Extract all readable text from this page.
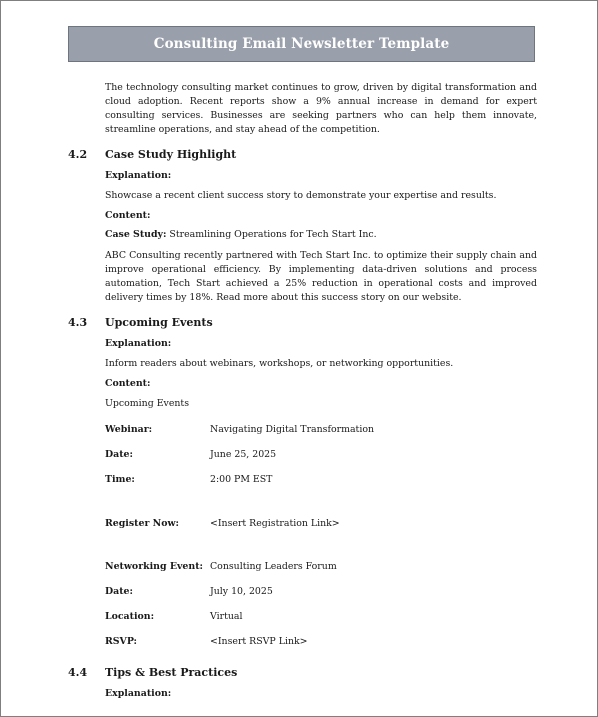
Consulting Email Newsletter Template

The technology consulting market continues to grow, driven by digital transformation and cloud adoption. Recent reports show a 9% annual increase in demand for expert consulting services. Businesses are seeking partners who can help them innovate, streamline operations, and stay ahead of the competition.

4.2 Case Study Highlight
Explanation:
Showcase a recent client success story to demonstrate your expertise and results.
Content:
Case Study: Streamlining Operations for Tech Start Inc.

ABC Consulting recently partnered with Tech Start Inc. to optimize their supply chain and improve operational efficiency. By implementing data-driven solutions and process automation, Tech Start achieved a 25% reduction in operational costs and improved delivery times by 18%. Read more about this success story on our website.

4.3 Upcoming Events
Explanation:
Inform readers about webinars, workshops, or networking opportunities.
Content:
Upcoming Events
Webinar:	Navigating Digital Transformation
Date:	June 25, 2025
Time:	2:00 PM EST
Register Now:	<Insert Registration Link>
Networking Event: Consulting Leaders Forum
Date:	July 10, 2025
Location:	Virtual
RSVP:	<Insert RSVP Link>
4.4 Tips & Best Practices
Explanation:
